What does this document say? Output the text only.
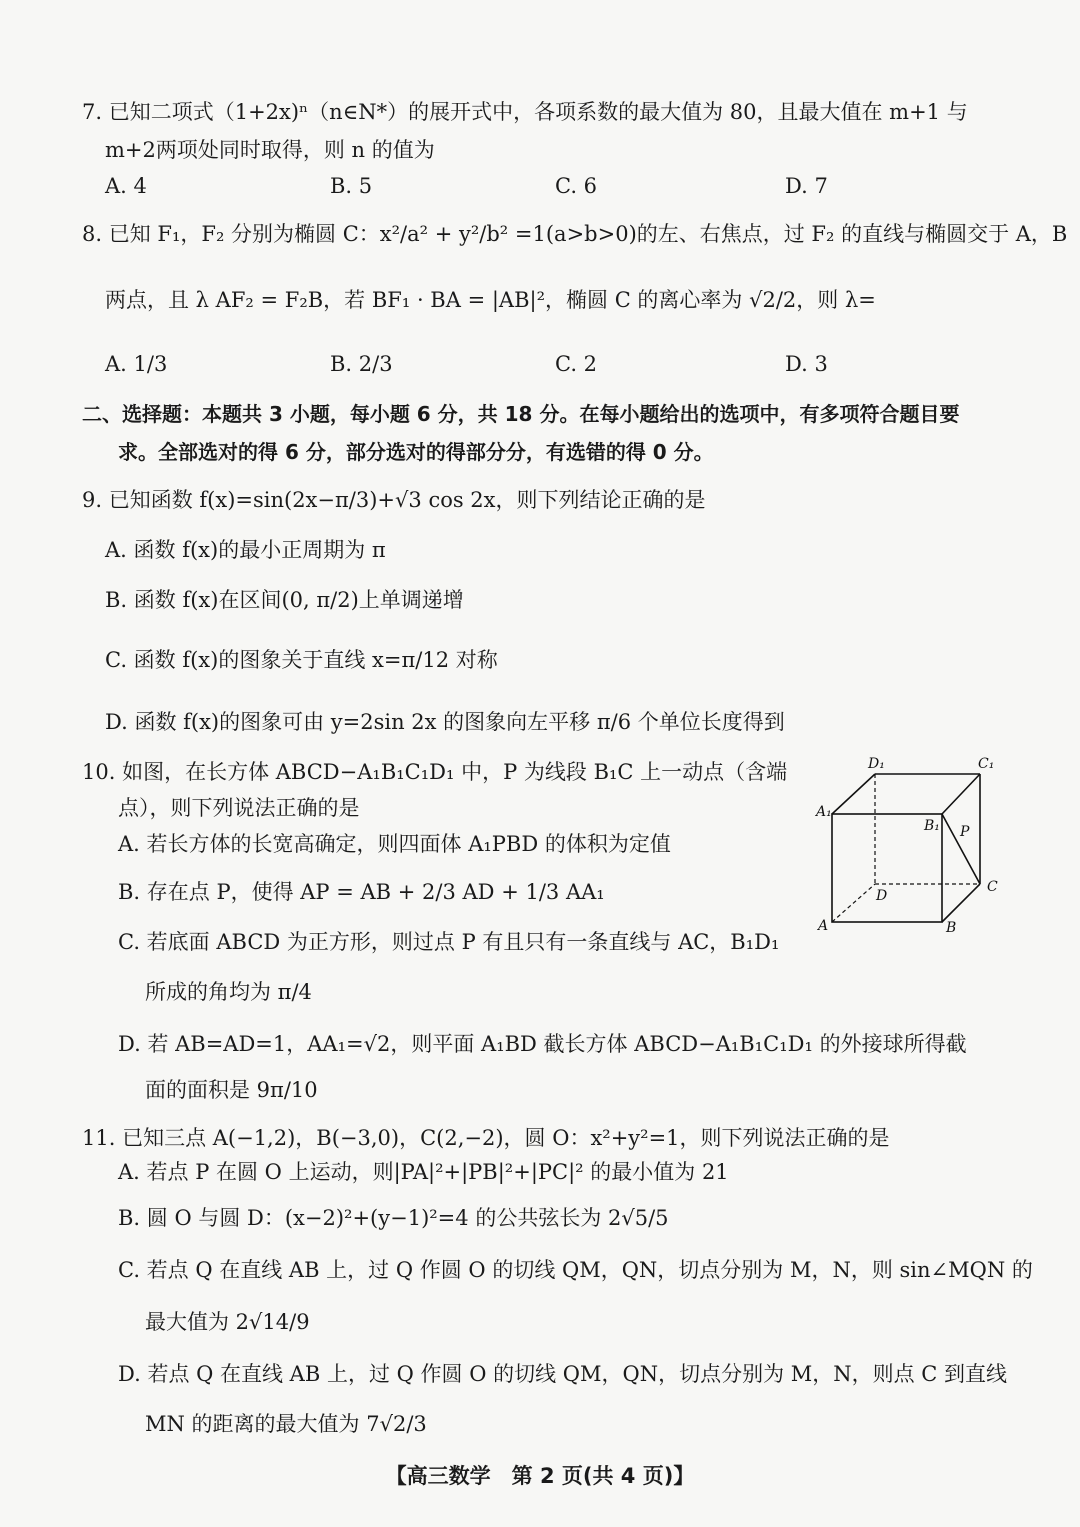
7. 已知二项式（1+2x)ⁿ（n∈N*）的展开式中，各项系数的最大值为 80，且最大值在 m+1 与
m+2两项处同时取得，则 n 的值为
A. 4	B. 5	C. 6	D. 7
8. 已知 F₁，F₂ 分别为椭圆 C：x²/a² + y²/b² =1(a>b>0)的左、右焦点，过 F₂ 的直线与椭圆交于 A，B
两点，且 λ AF₂ = F₂B，若 BF₁ · BA = |AB|²，椭圆 C 的离心率为 √2/2，则 λ=
A. 1/3	B. 2/3	C. 2	D. 3
二、选择题：本题共 3 小题，每小题 6 分，共 18 分。在每小题给出的选项中，有多项符合题目要
求。全部选对的得 6 分，部分选对的得部分分，有选错的得 0 分。
9. 已知函数 f(x)=sin(2x−π/3)+√3 cos 2x，则下列结论正确的是
A. 函数 f(x)的最小正周期为 π
B. 函数 f(x)在区间(0, π/2)上单调递增
C. 函数 f(x)的图象关于直线 x=π/12 对称
D. 函数 f(x)的图象可由 y=2sin 2x 的图象向左平移 π/6 个单位长度得到
10. 如图，在长方体 ABCD−A₁B₁C₁D₁ 中，P 为线段 B₁C 上一动点（含端
点），则下列说法正确的是
A. 若长方体的长宽高确定，则四面体 A₁PBD 的体积为定值
B. 存在点 P，使得 AP = AB + 2/3 AD + 1/3 AA₁
C. 若底面 ABCD 为正方形，则过点 P 有且只有一条直线与 AC，B₁D₁
所成的角均为 π/4
D. 若 AB=AD=1，AA₁=√2，则平面 A₁BD 截长方体 ABCD−A₁B₁C₁D₁ 的外接球所得截
面的面积是 9π/10
D₁	C₁
A₁
B₁ P
D
C
A	B
11. 已知三点 A(−1,2)，B(−3,0)，C(2,−2)，圆 O：x²+y²=1，则下列说法正确的是
A. 若点 P 在圆 O 上运动，则|PA|²+|PB|²+|PC|² 的最小值为 21
B. 圆 O 与圆 D：(x−2)²+(y−1)²=4 的公共弦长为 2√5/5
C. 若点 Q 在直线 AB 上，过 Q 作圆 O 的切线 QM，QN，切点分别为 M，N，则 sin∠MQN 的
最大值为 2√14/9
D. 若点 Q 在直线 AB 上，过 Q 作圆 O 的切线 QM，QN，切点分别为 M，N，则点 C 到直线
MN 的距离的最大值为 7√2/3
【高三数学　第 2 页(共 4 页)】
